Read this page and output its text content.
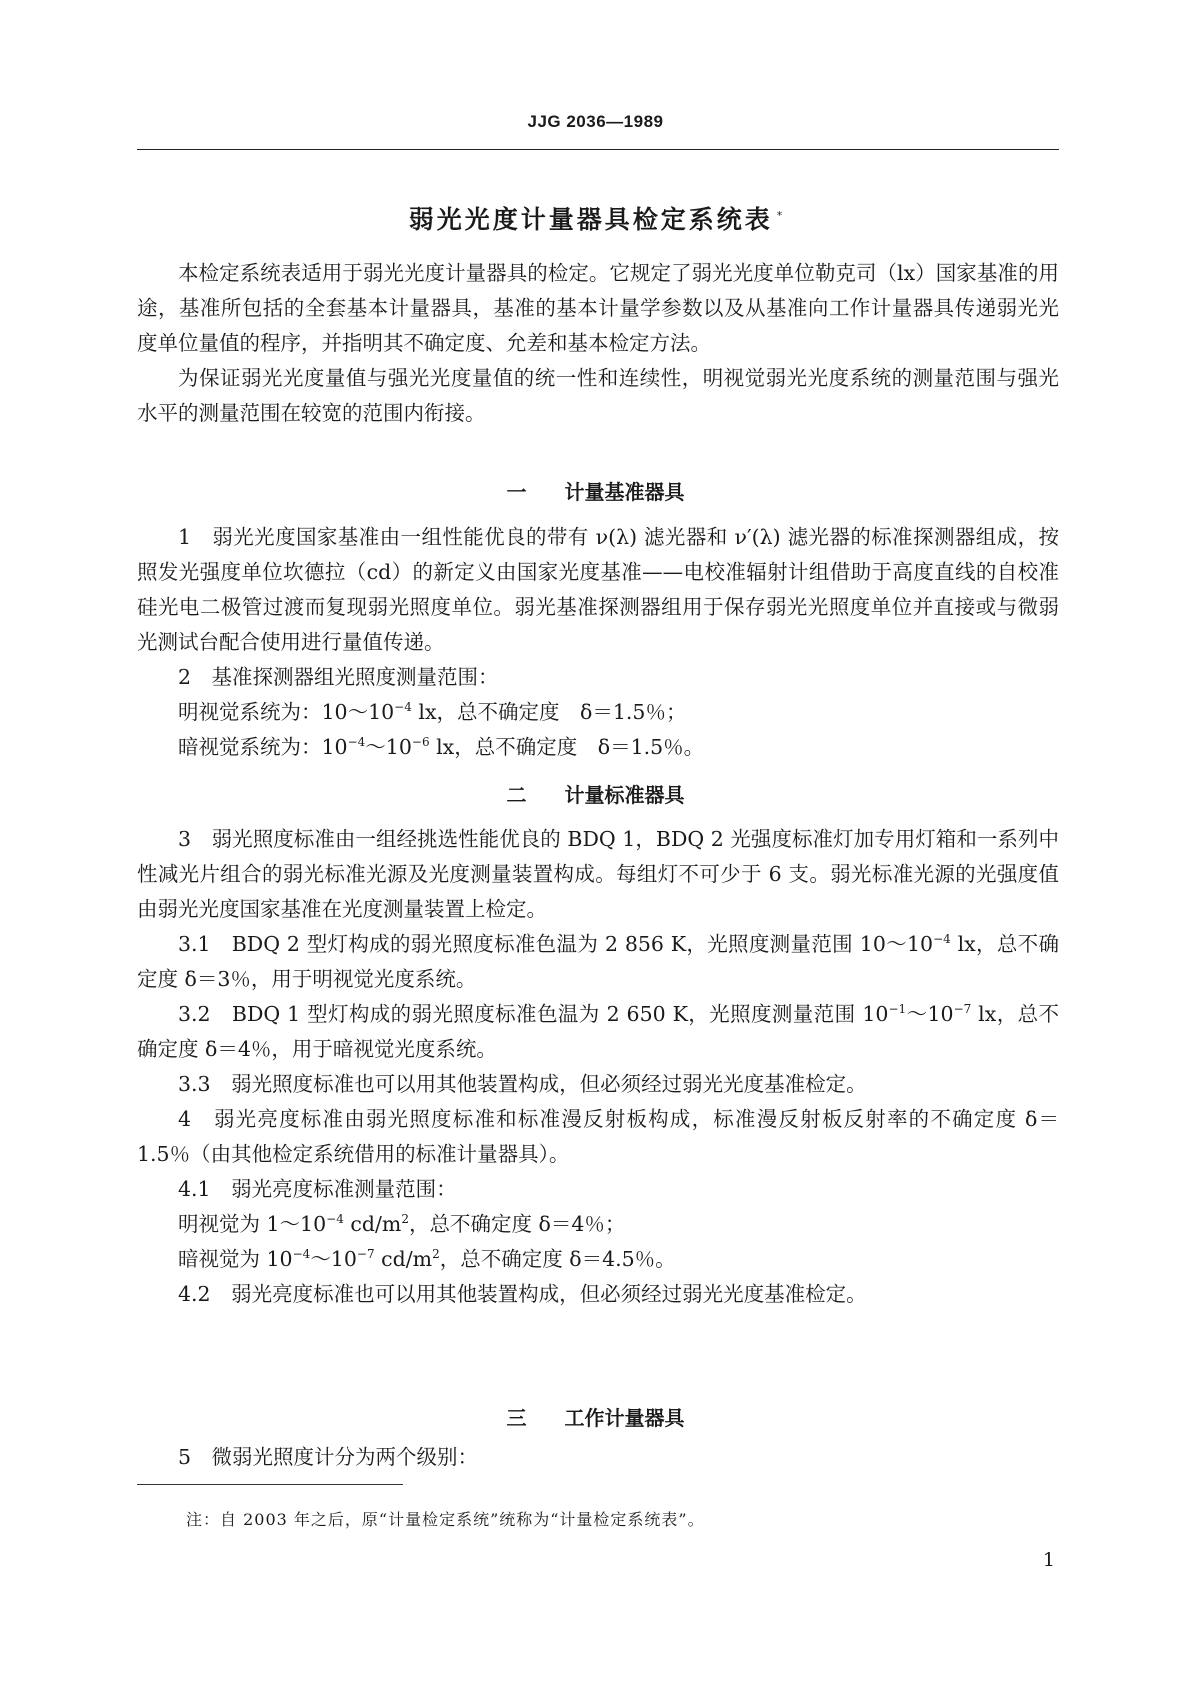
JJG 2036—1989
弱光光度计量器具检定系统表 *

本检定系统表适用于弱光光度计量器具的检定。它规定了弱光光度单位勒克司（lx）国家基准的用途，基准所包括的全套基本计量器具，基准的基本计量学参数以及从基准向工作计量器具传递弱光光度单位量值的程序，并指明其不确定度、允差和基本检定方法。

为保证弱光光度量值与强光光度量值的统一性和连续性，明视觉弱光光度系统的测量范围与强光水平的测量范围在较宽的范围内衔接。

一 计量基准器具

1　弱光光度国家基准由一组性能优良的带有 ν(λ) 滤光器和 ν′(λ) 滤光器的标准探测器组成，按照发光强度单位坎德拉（cd）的新定义由国家光度基准——电校准辐射计组借助于高度直线的自校准硅光电二极管过渡而复现弱光照度单位。弱光基准探测器组用于保存弱光光照度单位并直接或与微弱光测试台配合使用进行量值传递。

2　基准探测器组光照度测量范围：

明视觉系统为：$10\sim 10^{-4}$ lx，总不确定度　δ＝1.5％；

暗视觉系统为：$10^{-4}\sim 10^{-6}$ lx，总不确定度　δ＝1.5％。

二 计量标准器具

3　弱光照度标准由一组经挑选性能优良的 BDQ 1，BDQ 2 光强度标准灯加专用灯箱和一系列中性减光片组合的弱光标准光源及光度测量装置构成。每组灯不可少于 6 支。弱光标准光源的光强度值由弱光光度国家基准在光度测量装置上检定。

3.1　BDQ 2 型灯构成的弱光照度标准色温为 2 856 K，光照度测量范围 $10\sim 10^{-4}$ lx，总不确定度 δ＝3％，用于明视觉光度系统。

3.2　BDQ 1 型灯构成的弱光照度标准色温为 2 650 K，光照度测量范围 $10^{-1}\sim 10^{-7}$ lx，总不确定度 δ＝4％，用于暗视觉光度系统。

3.3　弱光照度标准也可以用其他装置构成，但必须经过弱光光度基准检定。

4　弱光亮度标准由弱光照度标准和标准漫反射板构成，标准漫反射板反射率的不确定度 δ＝1.5％（由其他检定系统借用的标准计量器具）。

4.1　弱光亮度标准测量范围：

明视觉为 $1\sim 10^{-4}$ $cd/m^2$，总不确定度 δ＝4％；

暗视觉为 $10^{-4}\sim 10^{-7}$ $cd/m^2$，总不确定度 δ＝4.5％。

4.2　弱光亮度标准也可以用其他装置构成，但必须经过弱光光度基准检定。

三 工作计量器具

5　微弱光照度计分为两个级别：

注：自 2003 年之后，原“计量检定系统”统称为“计量检定系统表”。
1
